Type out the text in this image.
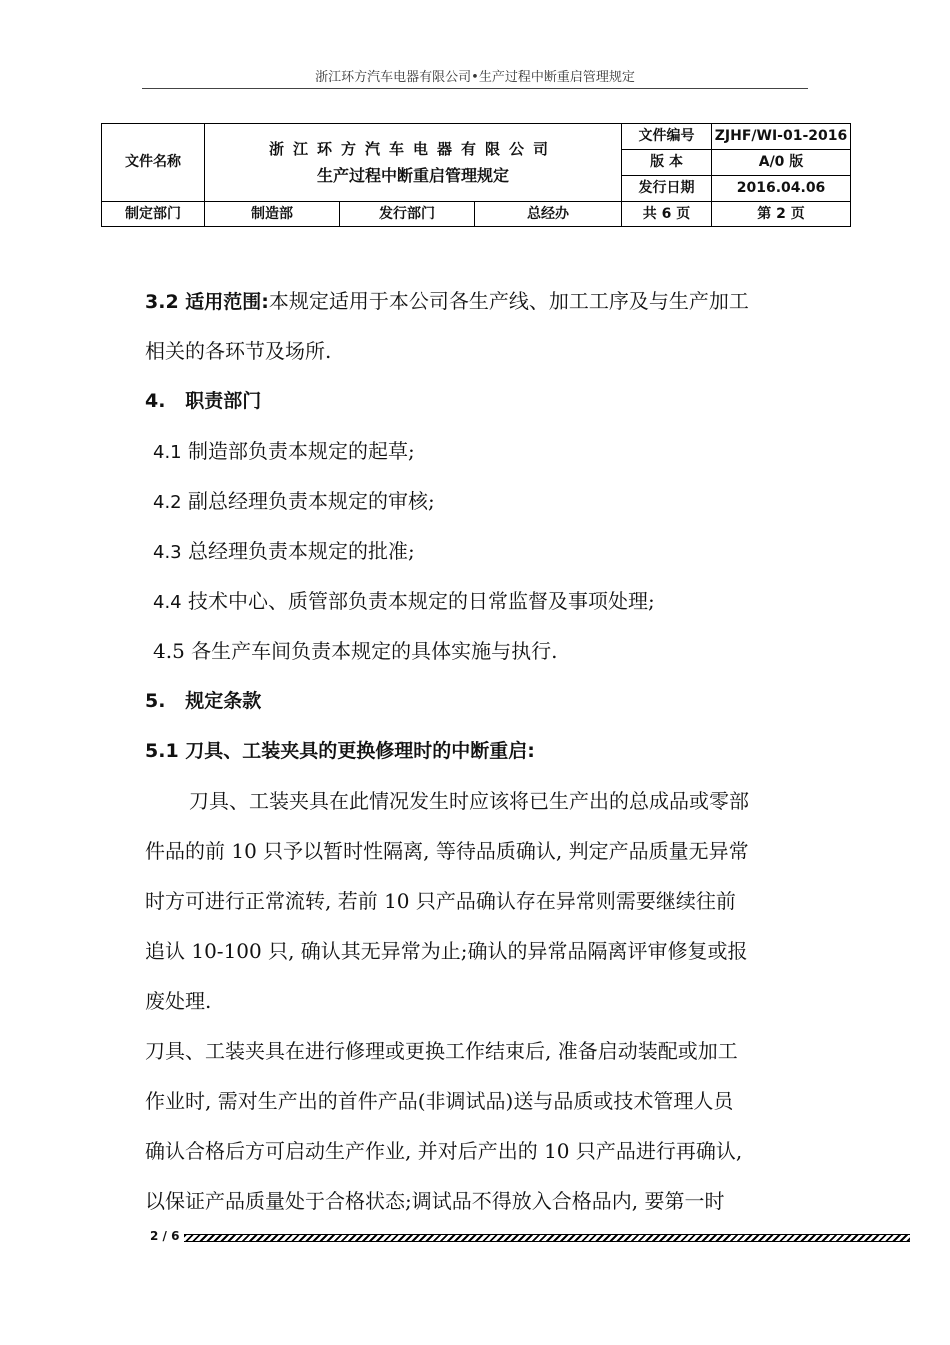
浙江环方汽车电器有限公司•生产过程中断重启管理规定
文件名称	浙江环方汽车电器有限公司
生产过程中断重启管理规定			文件编号	ZJHF/WI-01-2016
				版 本	A/0 版
				发行日期	2016.04.06
制定部门	制造部	发行部门	总经办	共 6 页	第 2 页
3.2 适用范围:本规定适用于本公司各生产线、加工工序及与生产加工
相关的各环节及场所.
4.   职责部门
4.1 制造部负责本规定的起草;
4.2 副总经理负责本规定的审核;
4.3 总经理负责本规定的批准;
4.4 技术中心、质管部负责本规定的日常监督及事项处理;
4.5 各生产车间负责本规定的具体实施与执行.
5.   规定条款
5.1 刀具、工装夹具的更换修理时的中断重启:
刀具、工装夹具在此情况发生时应该将已生产出的总成品或零部
件品的前 10 只予以暂时性隔离, 等待品质确认, 判定产品质量无异常
时方可进行正常流转, 若前 10 只产品确认存在异常则需要继续往前
追认 10-100 只, 确认其无异常为止;确认的异常品隔离评审修复或报
废处理.
刀具、工装夹具在进行修理或更换工作结束后, 准备启动装配或加工
作业时, 需对生产出的首件产品(非调试品)送与品质或技术管理人员
确认合格后方可启动生产作业, 并对后产出的 10 只产品进行再确认,
以保证产品质量处于合格状态;调试品不得放入合格品内, 要第一时
2 / 6
